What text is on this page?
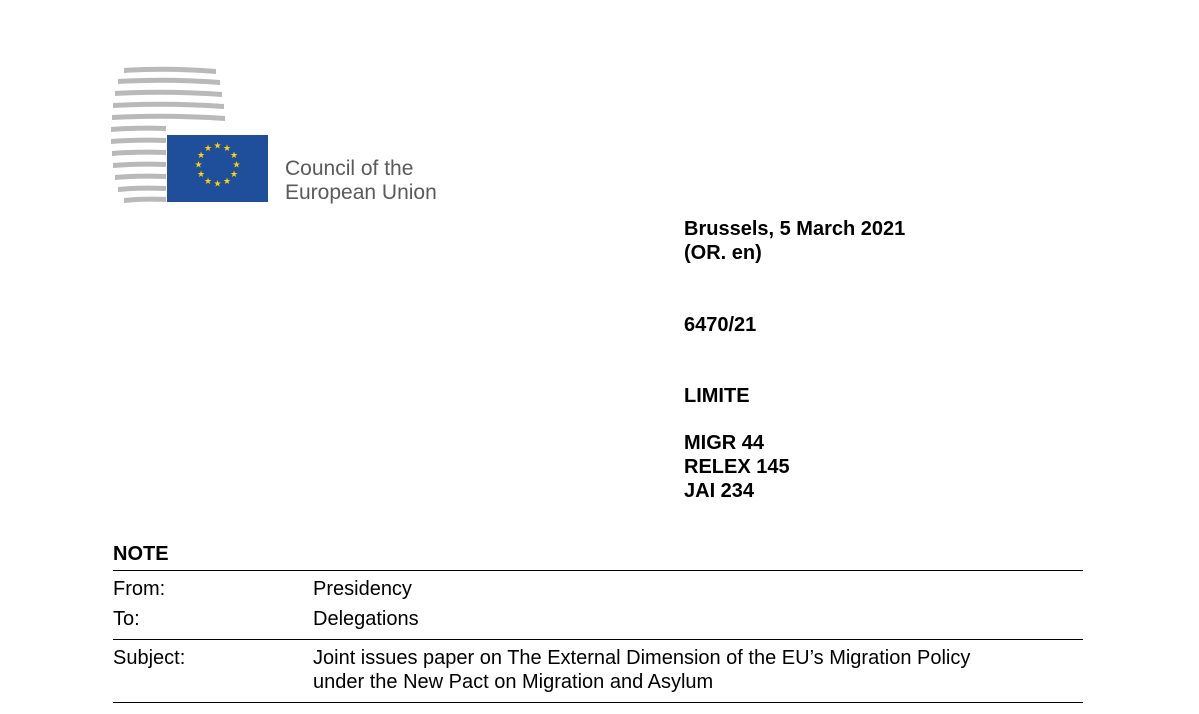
★ ★
★
★
★
★
★
★
★
★
★
★
Council of the
European Union
Brussels, 5 March 2021
(OR. en)
6470/21
LIMITE
MIGR 44
RELEX 145
JAI 234
NOTE
From:	Presidency
To:	Delegations
Subject:	Joint issues paper on The External Dimension of the EU’s Migration Policy
under the New Pact on Migration and Asylum
